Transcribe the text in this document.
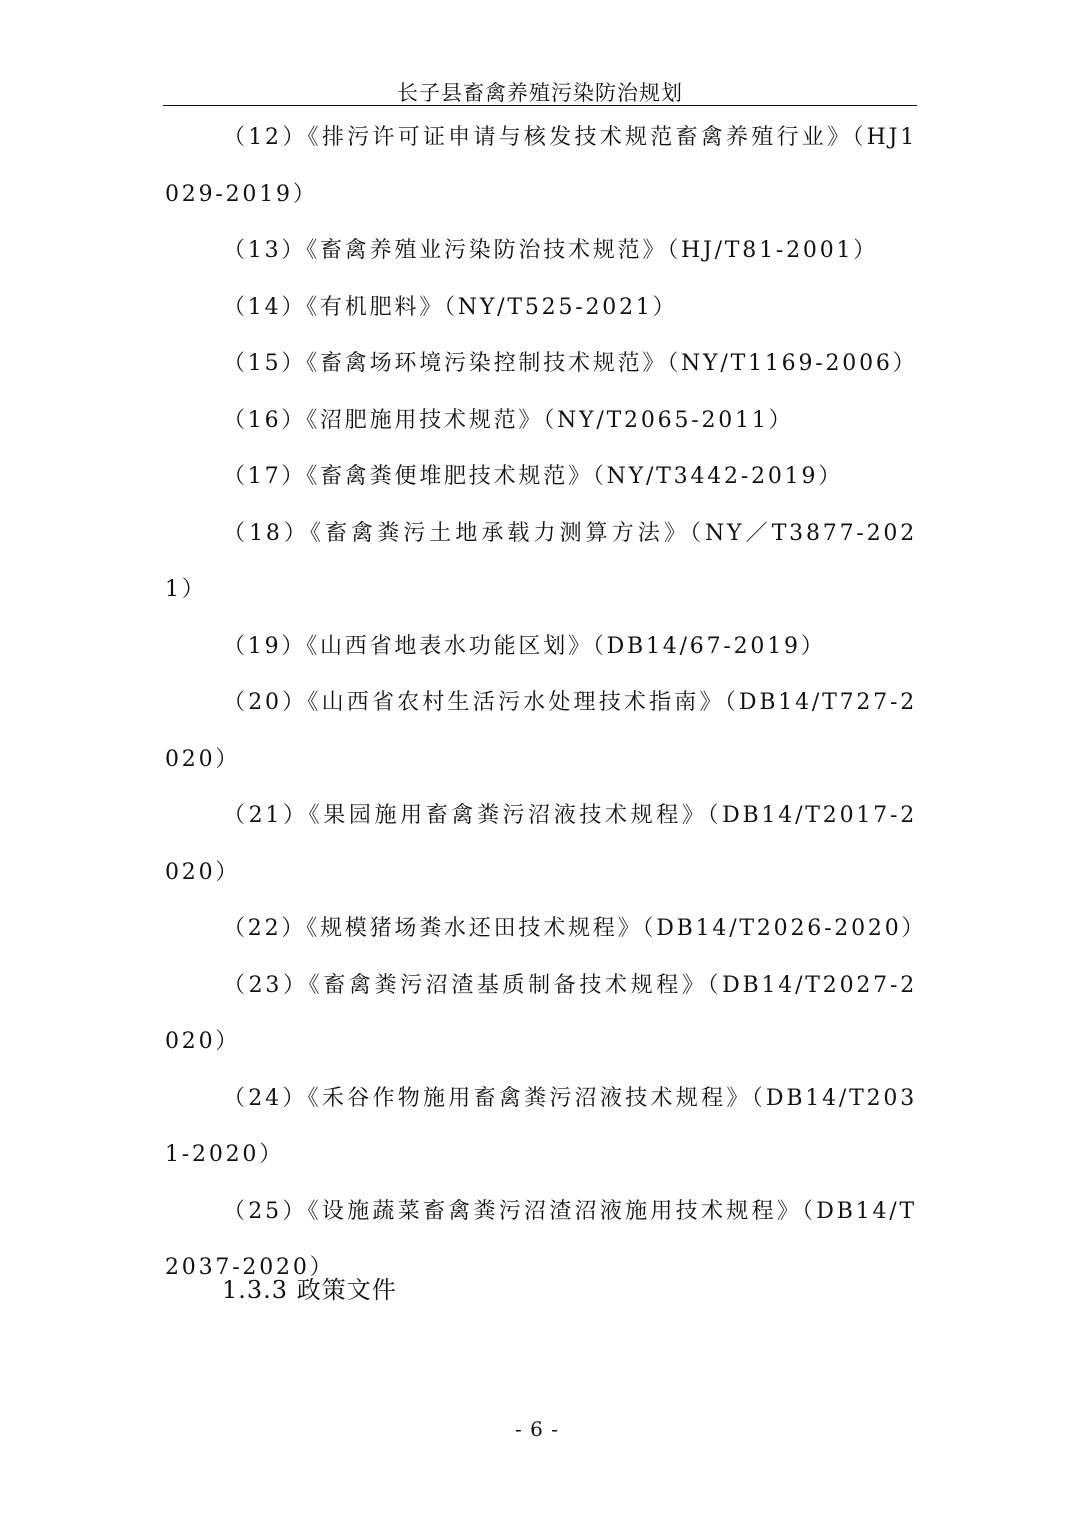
长子县畜禽养殖污染防治规划

（12）《排污许可证申请与核发技术规范畜禽养殖行业》（HJ1029-2019）

（13）《畜禽养殖业污染防治技术规范》（HJ/T81-2001）

（14）《有机肥料》（NY/T525-2021）

（15）《畜禽场环境污染控制技术规范》（NY/T1169-2006）

（16）《沼肥施用技术规范》（NY/T2065-2011）

（17）《畜禽粪便堆肥技术规范》（NY/T3442-2019）

（18）《畜禽粪污土地承载力测算方法》（NY／T3877-2021）

（19）《山西省地表水功能区划》（DB14/67-2019）

（20）《山西省农村生活污水处理技术指南》（DB14/T727-2020）

（21）《果园施用畜禽粪污沼液技术规程》（DB14/T2017-2020）

（22）《规模猪场粪水还田技术规程》（DB14/T2026-2020）

（23）《畜禽粪污沼渣基质制备技术规程》（DB14/T2027-2020）

（24）《禾谷作物施用畜禽粪污沼液技术规程》（DB14/T2031-2020）

（25）《设施蔬菜畜禽粪污沼渣沼液施用技术规程》（DB14/T2037-2020）

1.3.3 政策文件
- 6 -
